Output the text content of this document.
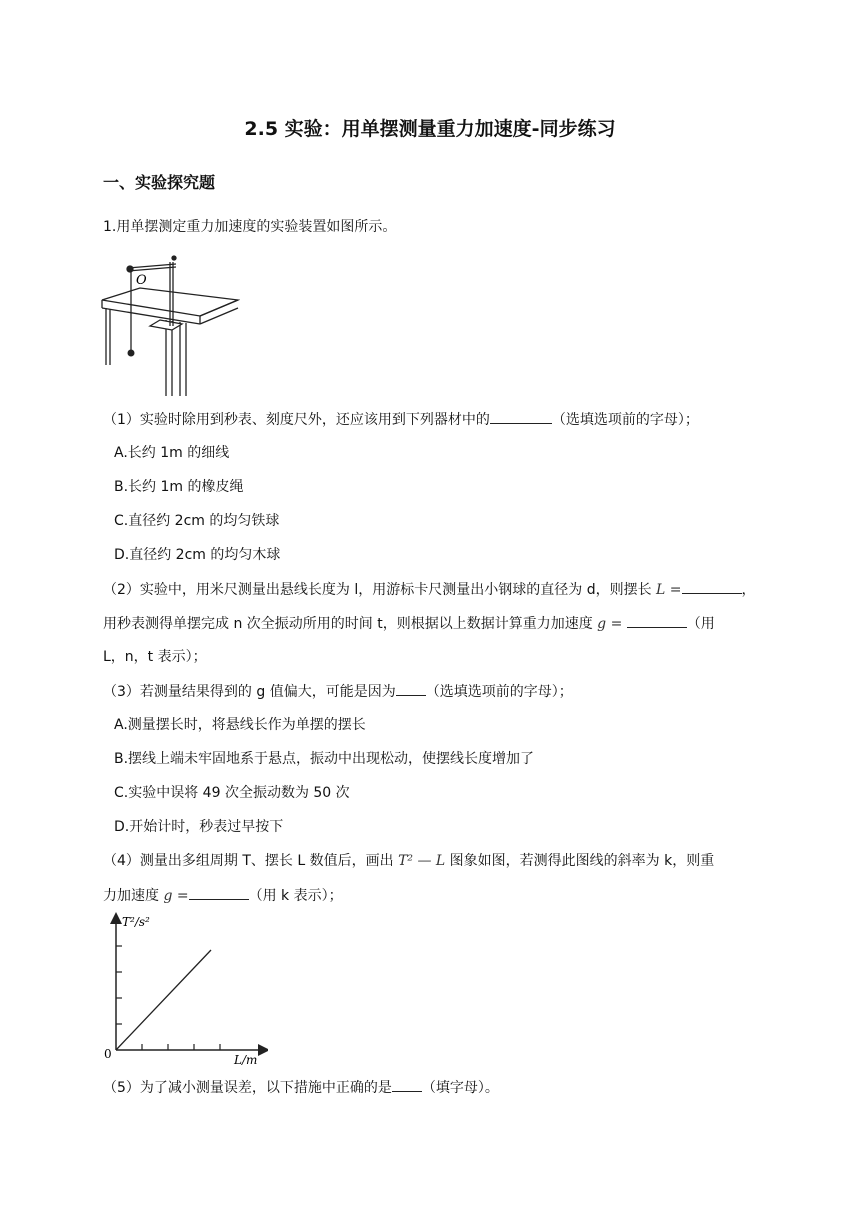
2.5 实验：用单摆测量重力加速度-同步练习
一、实验探究题
1.用单摆测定重力加速度的实验装置如图所示。
O
（1）实验时除用到秒表、刻度尺外，还应该用到下列器材中的	（选填选项前的字母）；
A.长约 1m 的细线
B.长约 1m 的橡皮绳
C.直径约 2cm 的均匀铁球
D.直径约 2cm 的均匀木球
（2）实验中，用米尺测量出悬线长度为 l，用游标卡尺测量出小钢球的直径为 d，则摆长 L =	，
用秒表测得单摆完成 n 次全振动所用的时间 t，则根据以上数据计算重力加速度 g =	（用
L，n，t 表示）；
（3）若测量结果得到的 g 值偏大，可能是因为 （选填选项前的字母）；
A.测量摆长时，将悬线长作为单摆的摆长
B.摆线上端未牢固地系于悬点，振动中出现松动，使摆线长度增加了
C.实验中误将 49 次全振动数为 50 次
D.开始计时，秒表过早按下
（4）测量出多组周期 T、摆长 L 数值后，画出 T² — L 图象如图，若测得此图线的斜率为 k，则重
力加速度 g =	（用 k 表示）；
T²/s²
L/m
0
（5）为了减小测量误差，以下措施中正确的是 （填字母）。
